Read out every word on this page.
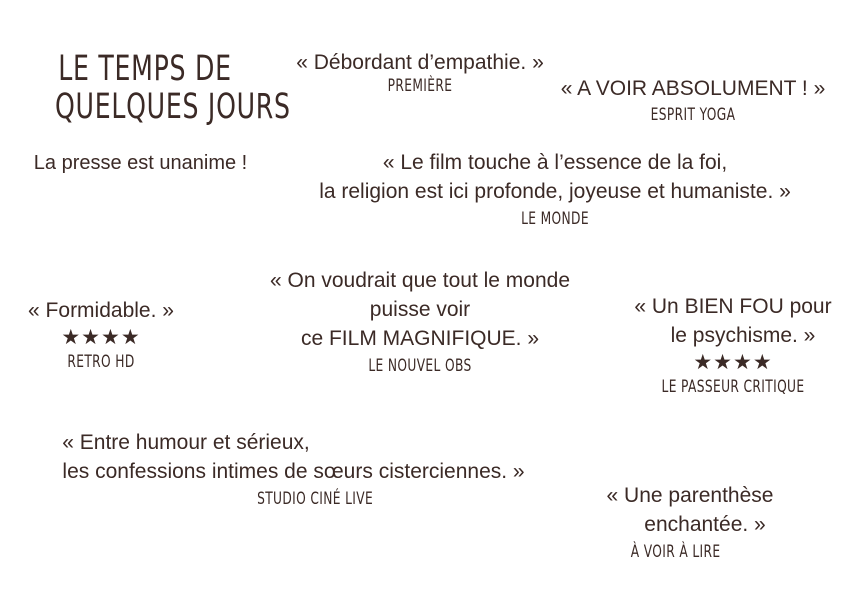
LE TEMPS DE
QUELQUES JOURS
La presse est unanime !
« Débordant d’empathie. »
PREMIÈRE	« A VOIR ABSOLUMENT ! »
ESPRIT YOGA
« Le film touche à l’essence de la foi,
la religion est ici profonde, joyeuse et humaniste. »
LE MONDE
« Formidable. »
★★★★
RETRO HD
« On voudrait que tout le monde
puisse voir
ce FILM MAGNIFIQUE. »
LE NOUVEL OBS
« Un BIEN FOU pour
le psychisme. »
★★★★
LE PASSEUR CRITIQUE
« Entre humour et sérieux,
les confessions intimes de sœurs cisterciennes. »
STUDIO CINÉ LIVE	« Une parenthèse
enchantée. »
À VOIR À LIRE
